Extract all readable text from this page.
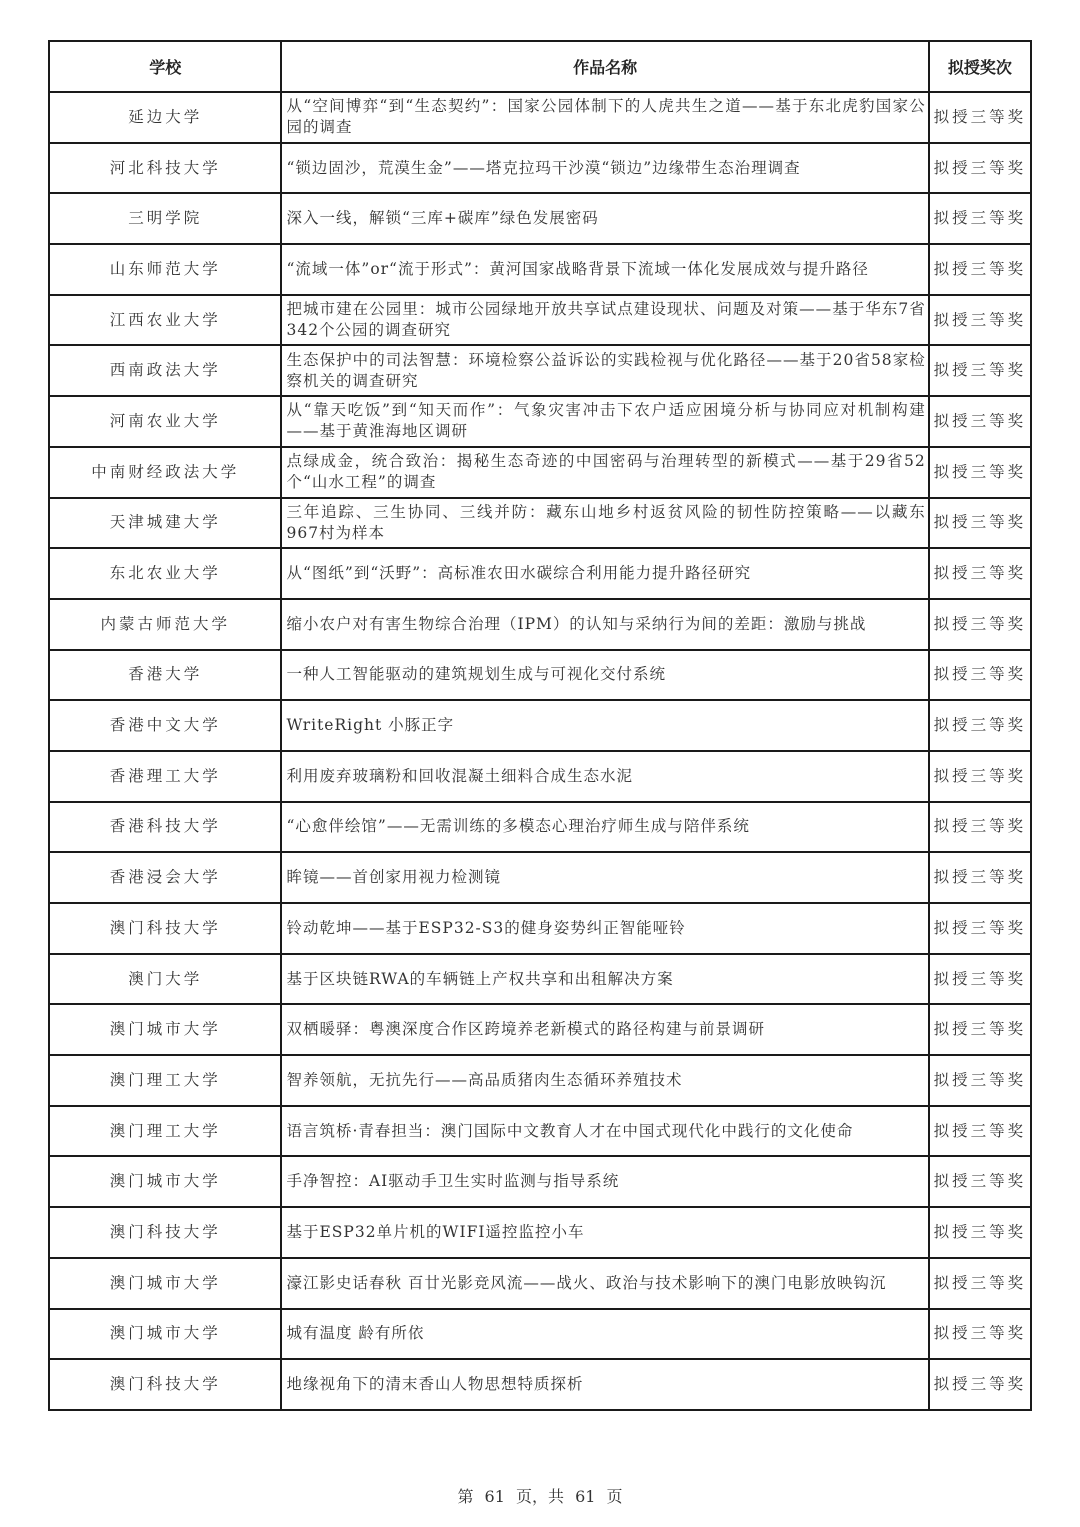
学校	作品名称	拟授奖次
延边大学	从“空间博弈“到“生态契约”：国家公园体制下的人虎共生之道——基于东北虎豹国家公园的调查	拟授三等奖
河北科技大学	“锁边固沙，荒漠生金”——塔克拉玛干沙漠“锁边”边缘带生态治理调查	拟授三等奖
三明学院	深入一线，解锁“三库+碳库”绿色发展密码	拟授三等奖
山东师范大学	“流域一体”or“流于形式”：黄河国家战略背景下流域一体化发展成效与提升路径	拟授三等奖
江西农业大学	把城市建在公园里：城市公园绿地开放共享试点建设现状、问题及对策——基于华东7省342个公园的调查研究	拟授三等奖
西南政法大学	生态保护中的司法智慧：环境检察公益诉讼的实践检视与优化路径——基于20省58家检察机关的调查研究	拟授三等奖
河南农业大学	从“靠天吃饭”到“知天而作”：气象灾害冲击下农户适应困境分析与协同应对机制构建——基于黄淮海地区调研	拟授三等奖
中南财经政法大学	点绿成金，统合致治：揭秘生态奇迹的中国密码与治理转型的新模式——基于29省52个“山水工程”的调查	拟授三等奖
天津城建大学	三年追踪、三生协同、三线并防：藏东山地乡村返贫风险的韧性防控策略——以藏东967村为样本	拟授三等奖
东北农业大学	从“图纸”到“沃野”：高标准农田水碳综合利用能力提升路径研究	拟授三等奖
内蒙古师范大学	缩小农户对有害生物综合治理（IPM）的认知与采纳行为间的差距：激励与挑战	拟授三等奖
香港大学	一种人工智能驱动的建筑规划生成与可视化交付系统	拟授三等奖
香港中文大学	WriteRight 小豚正字	拟授三等奖
香港理工大学	利用废弃玻璃粉和回收混凝土细料合成生态水泥	拟授三等奖
香港科技大学	“心愈伴绘馆”——无需训练的多模态心理治疗师生成与陪伴系统	拟授三等奖
香港浸会大学	眸镜——首创家用视力检测镜	拟授三等奖
澳门科技大学	铃动乾坤——基于ESP32-S3的健身姿势纠正智能哑铃	拟授三等奖
澳门大学	基于区块链RWA的车辆链上产权共享和出租解决方案	拟授三等奖
澳门城市大学	双栖暖驿：粤澳深度合作区跨境养老新模式的路径构建与前景调研	拟授三等奖
澳门理工大学	智养领航，无抗先行——高品质猪肉生态循环养殖技术	拟授三等奖
澳门理工大学	语言筑桥·青春担当：澳门国际中文教育人才在中国式现代化中践行的文化使命	拟授三等奖
澳门城市大学	手净智控：AI驱动手卫生实时监测与指导系统	拟授三等奖
澳门科技大学	基于ESP32单片机的WIFI遥控监控小车	拟授三等奖
澳门城市大学	濠江影史话春秋 百廿光影竞风流——战火、政治与技术影响下的澳门电影放映钩沉	拟授三等奖
澳门城市大学	城有温度 龄有所依	拟授三等奖
澳门科技大学	地缘视角下的清末香山人物思想特质探析	拟授三等奖
第 61 页，共 61 页
